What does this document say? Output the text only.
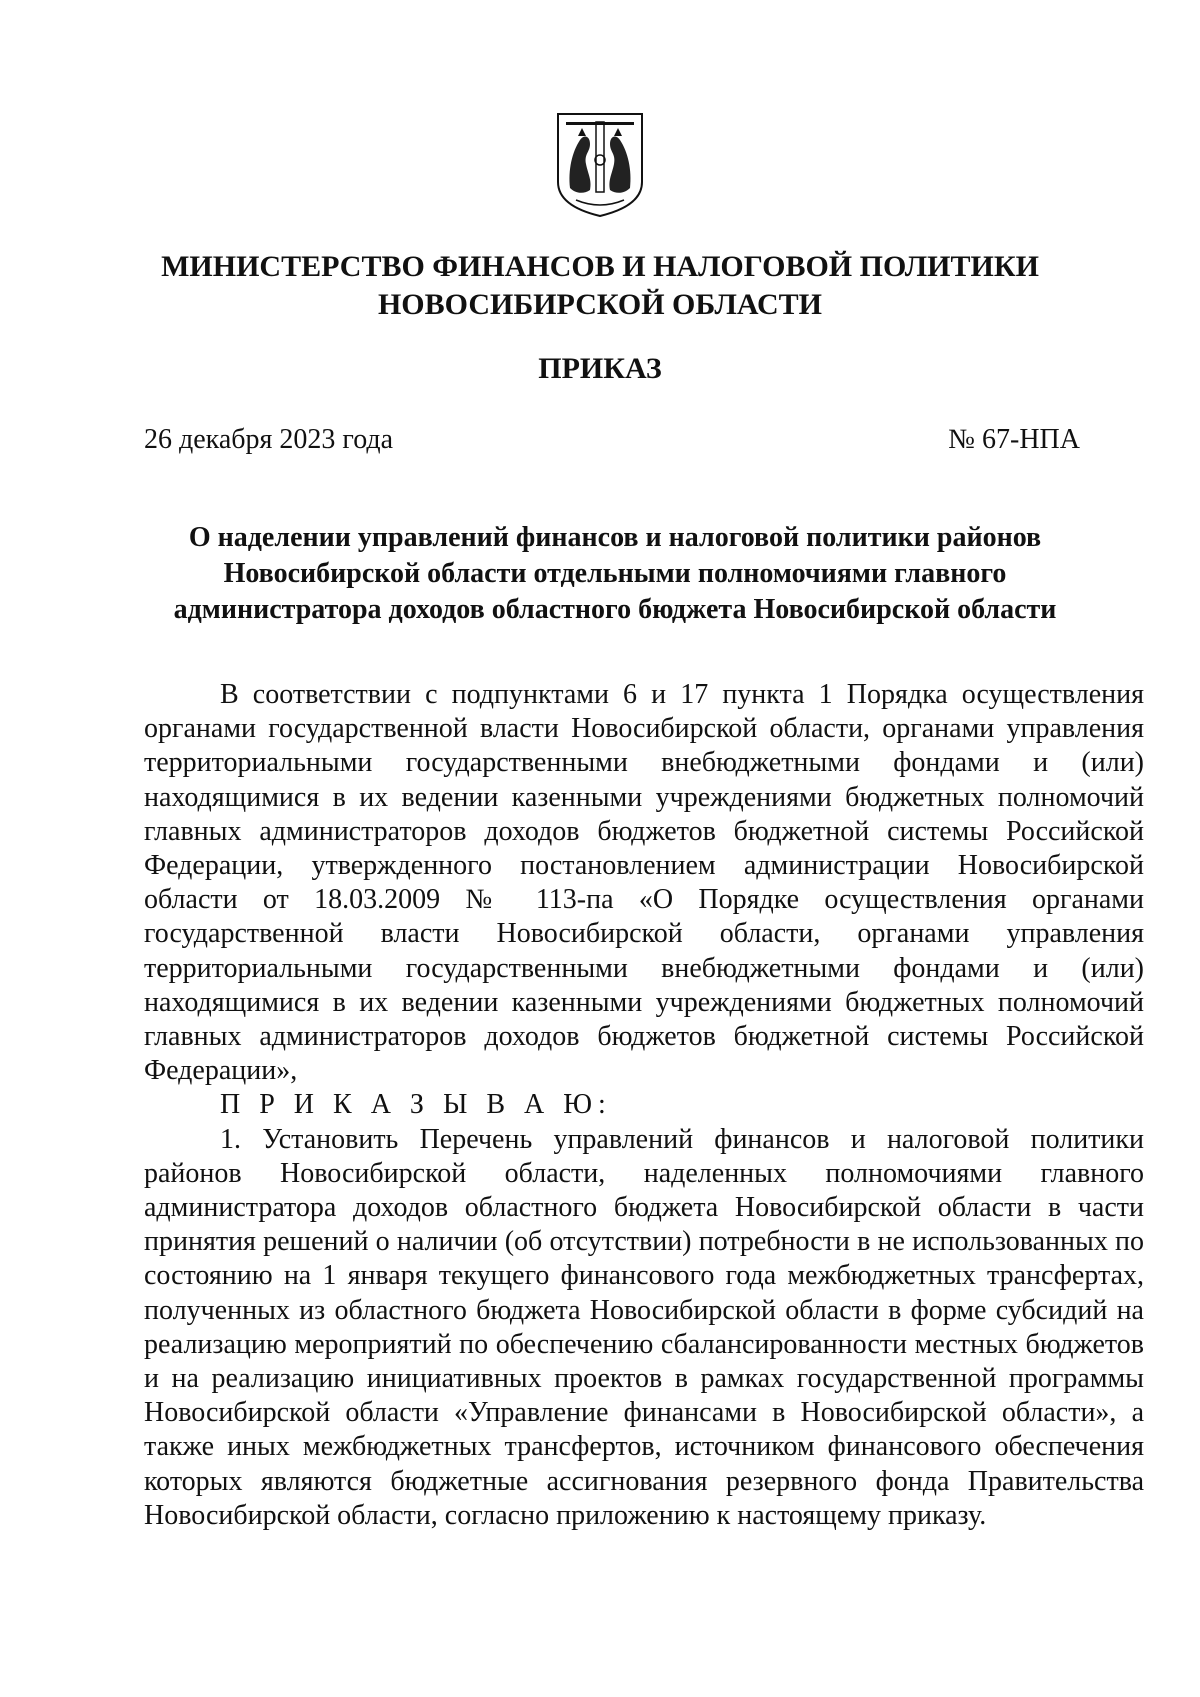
МИНИСТЕРСТВО ФИНАНСОВ И НАЛОГОВОЙ ПОЛИТИКИ
НОВОСИБИРСКОЙ ОБЛАСТИ
ПРИКАЗ
26 декабря 2023 года	№ 67-НПА
О наделении управлений финансов и налоговой политики районов
Новосибирской области отдельными полномочиями главного
администратора доходов областного бюджета Новосибирской области

В соответствии с подпунктами 6 и 17 пункта 1 Порядка осуществления органами государственной власти Новосибирской области, органами управления территориальными государственными внебюджетными фондами и (или) находящимися в их ведении казенными учреждениями бюджетных полномочий главных администраторов доходов бюджетов бюджетной системы Российской Федерации, утвержденного постановлением администрации Новосибирской области от 18.03.2009 № 113-па «О Порядке осуществления органами государственной власти Новосибирской области, органами управления территориальными государственными внебюджетными фондами и (или) находящимися в их ведении казенными учреждениями бюджетных полномочий главных администраторов доходов бюджетов бюджетной системы Российской Федерации»,

П Р И К А З Ы В А Ю:

1. Установить Перечень управлений финансов и налоговой политики районов Новосибирской области, наделенных полномочиями главного администратора доходов областного бюджета Новосибирской области в части принятия решений о наличии (об отсутствии) потребности в не использованных по состоянию на 1 января текущего финансового года межбюджетных трансфертах, полученных из областного бюджета Новосибирской области в форме субсидий на реализацию мероприятий по обеспечению сбалансированности местных бюджетов и на реализацию инициативных проектов в рамках государственной программы Новосибирской области «Управление финансами в Новосибирской области», а также иных межбюджетных трансфертов, источником финансового обеспечения которых являются бюджетные ассигнования резервного фонда Правительства Новосибирской области, согласно приложению к настоящему приказу.
